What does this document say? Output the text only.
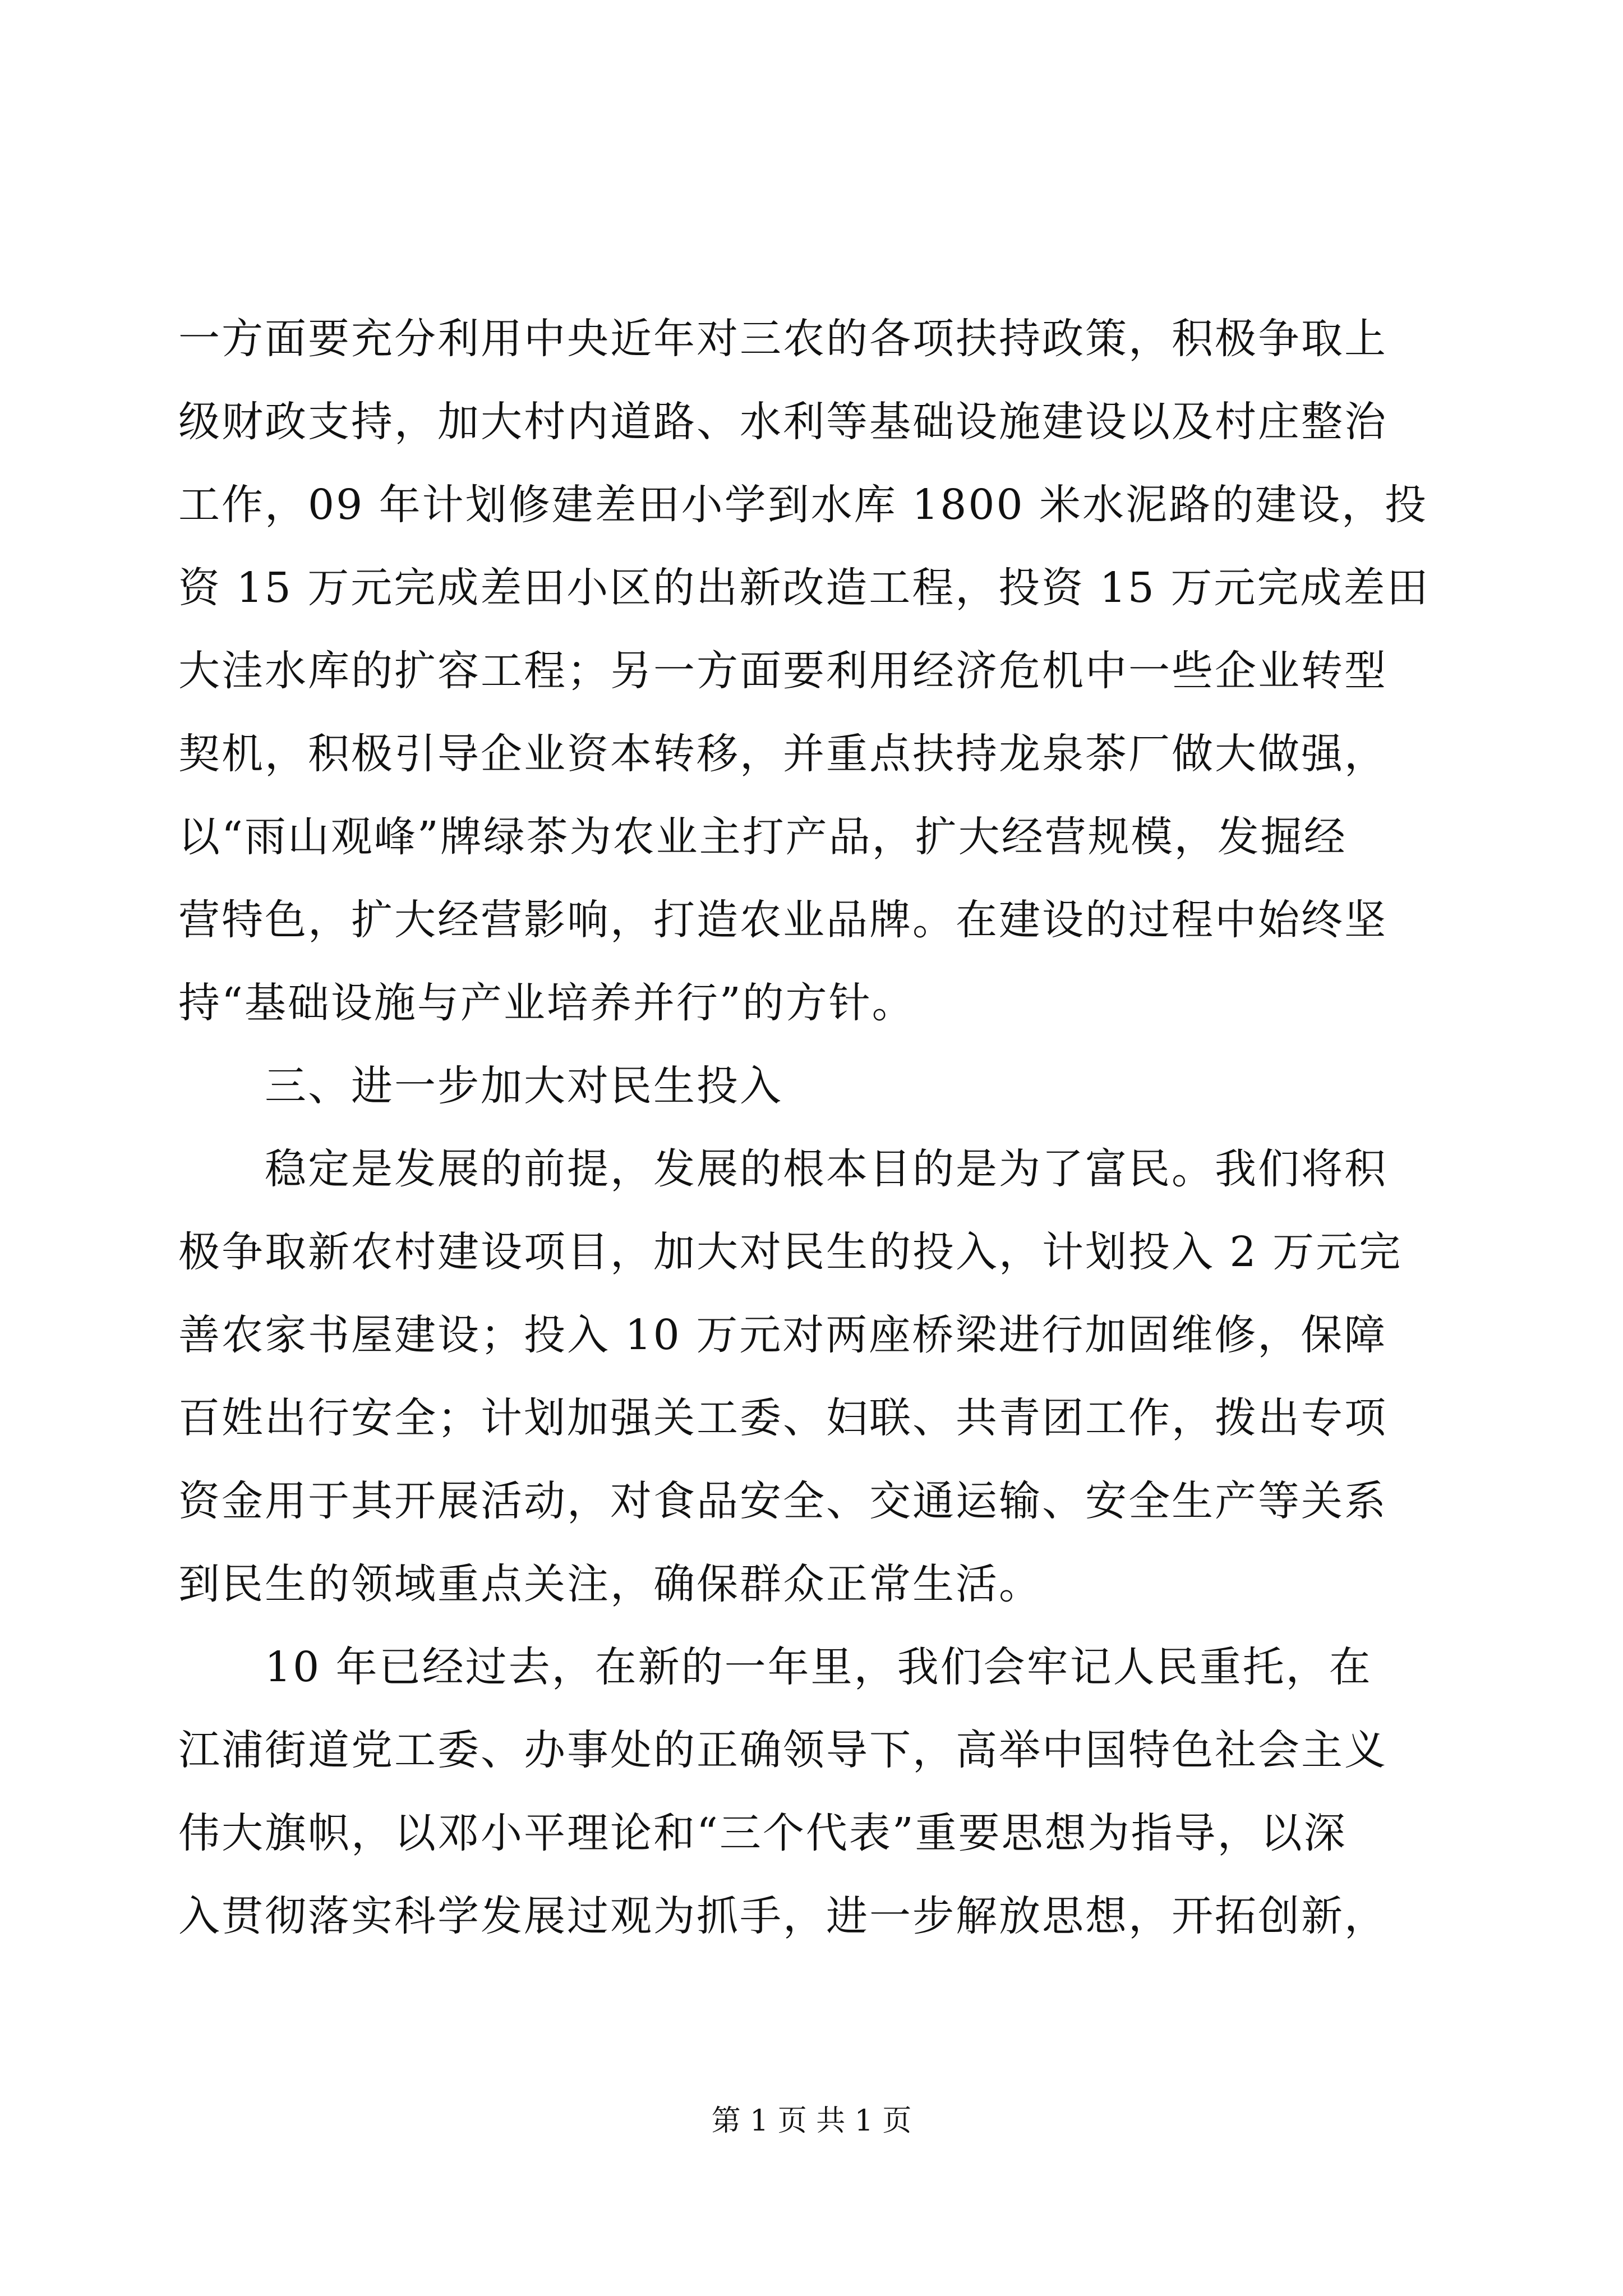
一方面要充分利用中央近年对三农的各项扶持政策，积极争取上
级财政支持，加大村内道路、水利等基础设施建设以及村庄整治
工作，09 年计划修建差田小学到水库 1800 米水泥路的建设，投
资 15 万元完成差田小区的出新改造工程，投资 15 万元完成差田
大洼水库的扩容工程；另一方面要利用经济危机中一些企业转型
契机，积极引导企业资本转移，并重点扶持龙泉茶厂做大做强，
以“雨山观峰”牌绿茶为农业主打产品，扩大经营规模，发掘经
营特色，扩大经营影响，打造农业品牌。在建设的过程中始终坚
持“基础设施与产业培养并行”的方针。
三、进一步加大对民生投入
稳定是发展的前提，发展的根本目的是为了富民。我们将积
极争取新农村建设项目，加大对民生的投入，计划投入 2 万元完
善农家书屋建设；投入 10 万元对两座桥梁进行加固维修，保障
百姓出行安全；计划加强关工委、妇联、共青团工作，拨出专项
资金用于其开展活动，对食品安全、交通运输、安全生产等关系
到民生的领域重点关注，确保群众正常生活。
10 年已经过去，在新的一年里，我们会牢记人民重托，在
江浦街道党工委、办事处的正确领导下，高举中国特色社会主义
伟大旗帜，以邓小平理论和“三个代表”重要思想为指导，以深
入贯彻落实科学发展过观为抓手，进一步解放思想，开拓创新，
第 1 页 共 1 页
